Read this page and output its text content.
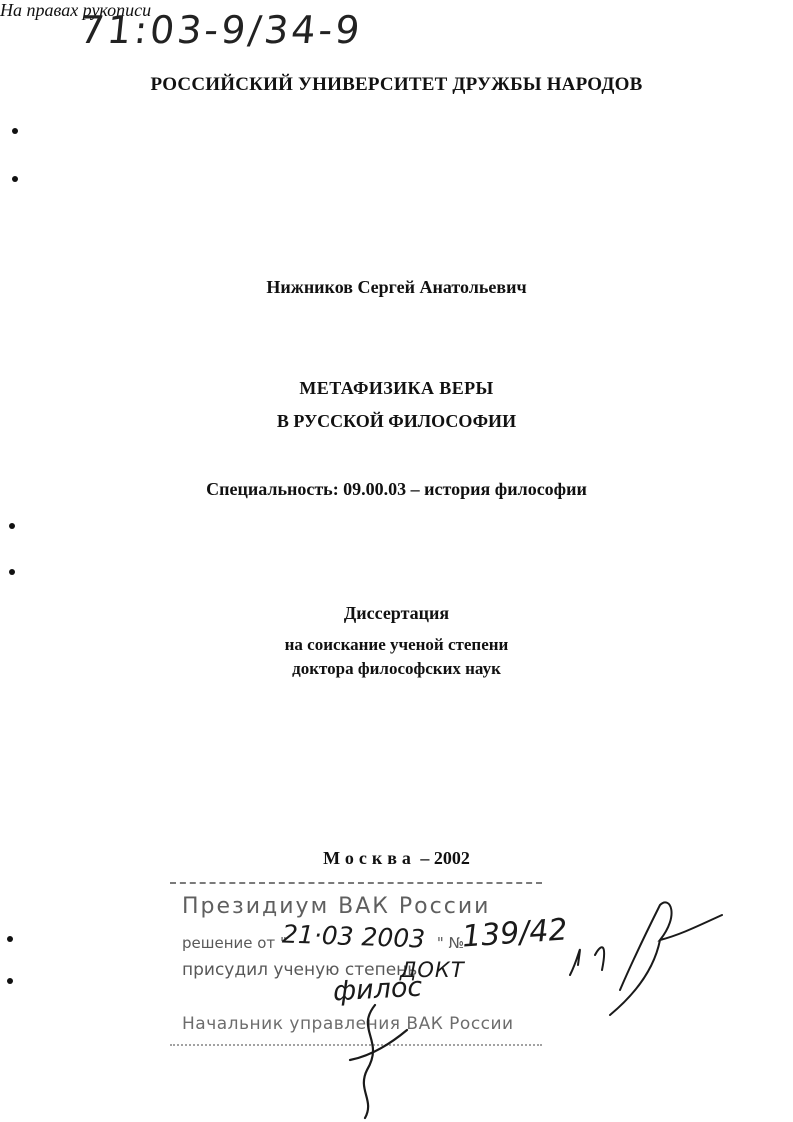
71:03-9/34-9
РОССИЙСКИЙ УНИВЕРСИТЕТ ДРУЖБЫ НАРОДОВ
На правах рукописи
Нижников Сергей Анатольевич
МЕТАФИЗИКА ВЕРЫ
В РУССКОЙ ФИЛОСОФИИ
Специальность: 09.00.03 – история философии
Диссертация
на соискание ученой степени
доктора философских наук
Москва – 2002
Президиум ВАК России
решение от "	" №
присудил ученую степень
Начальник управления ВАК России
21·03 2003 139/42
ДОКТ
филос
